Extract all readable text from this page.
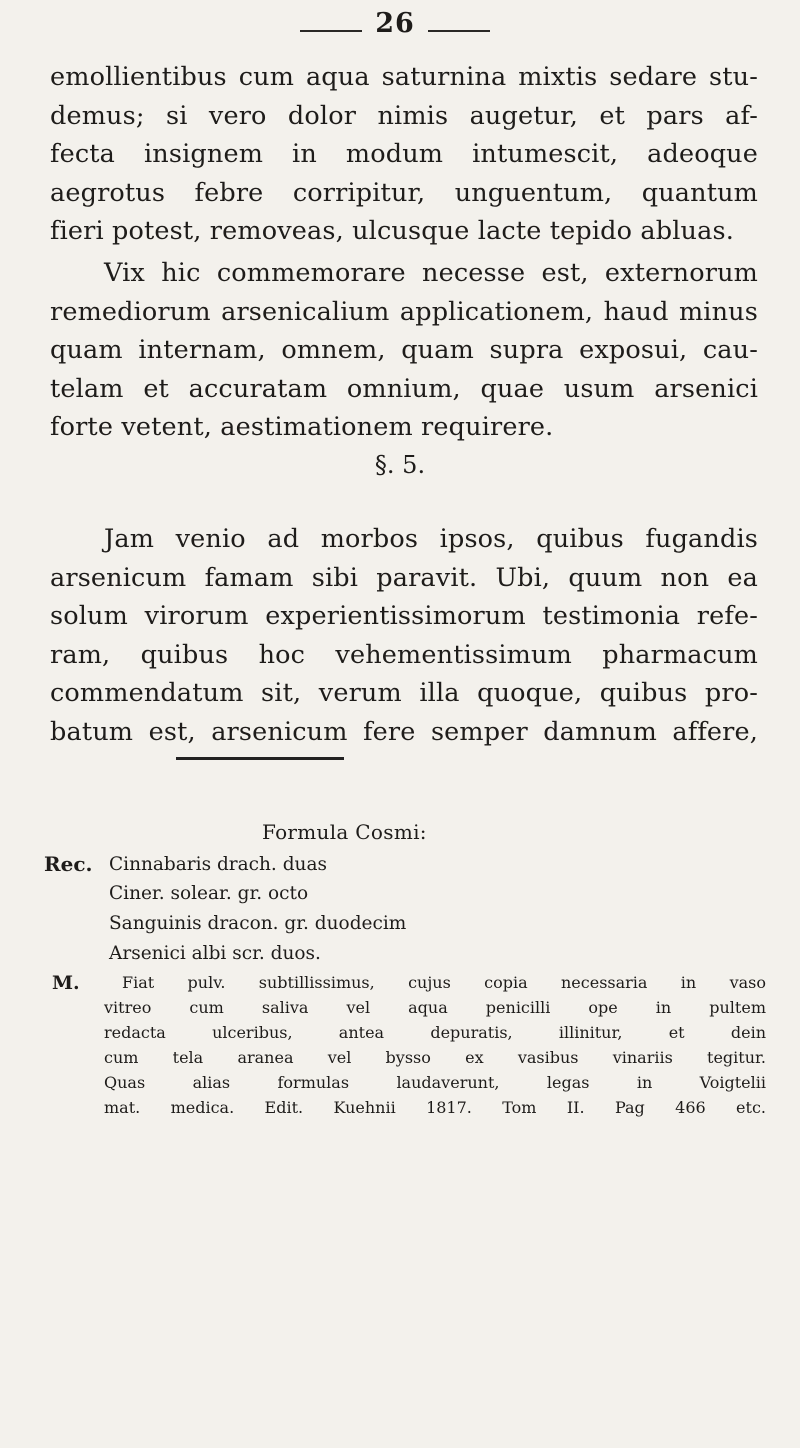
26
emollientibus cum aqua saturnina mixtis sedare stu-
demus; si vero dolor nimis augetur, et pars af-
fecta insignem in modum intumescit, adeoque
aegrotus febre corripitur, unguentum, quantum
fieri potest, removeas, ulcusque lacte tepido abluas.
Vix hic commemorare necesse est, externorum
remediorum arsenicalium applicationem, haud minus
quam internam, omnem, quam supra exposui, cau-
telam et accuratam omnium, quae usum arsenici
forte vetent, aestimationem requirere.
§. 5.
Jam venio ad morbos ipsos, quibus fugandis
arsenicum famam sibi paravit. Ubi, quum non ea
solum virorum experientissimorum testimonia refe-
ram, quibus hoc vehementissimum pharmacum
commendatum sit, verum illa quoque, quibus pro-
batum est, arsenicum fere semper damnum affere,
Formula Cosmi:
Rec. Cinnabaris drach. duas
Ciner. solear. gr. octo
Sanguinis dracon. gr. duodecim
Arsenici albi scr. duos.
M.	Fiat pulv. subtillissimus, cujus copia necessaria in vaso
vitreo cum saliva vel aqua penicilli ope in pultem
redacta ulceribus, antea depuratis, illinitur, et dein
cum tela aranea vel bysso ex vasibus vinariis tegitur.
Quas alias formulas laudaverunt, legas in Voigtelii
mat. medica. Edit. Kuehnii 1817. Tom II. Pag 466 etc.
